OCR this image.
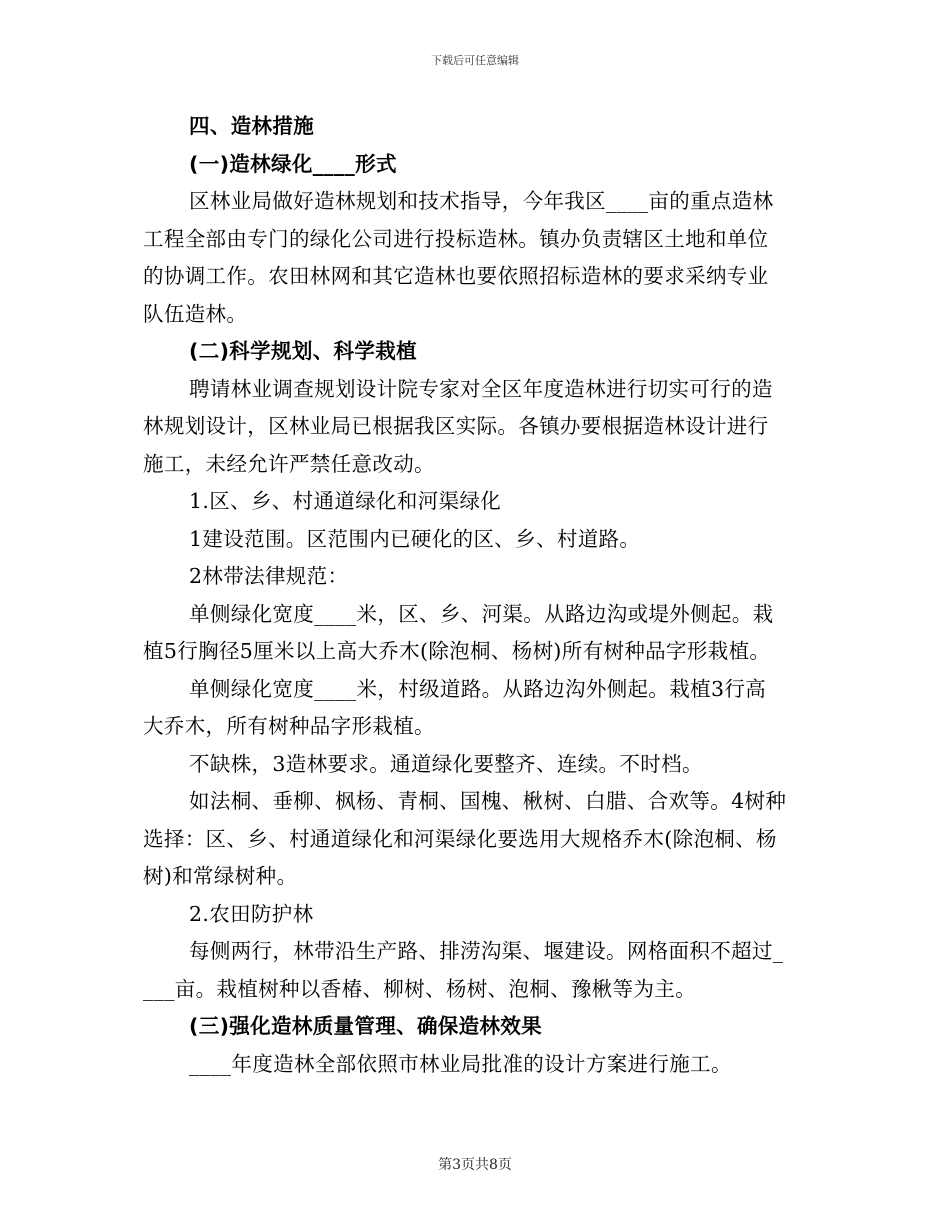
下载后可任意编辑
四、造林措施
(一)造林绿化____形式
区林业局做好造林规划和技术指导，今年我区____亩的重点造林
工程全部由专门的绿化公司进行投标造林。镇办负责辖区土地和单位
的协调工作。农田林网和其它造林也要依照招标造林的要求采纳专业
队伍造林。
(二)科学规划、科学栽植
聘请林业调查规划设计院专家对全区年度造林进行切实可行的造
林规划设计，区林业局已根据我区实际。各镇办要根据造林设计进行
施工，未经允许严禁任意改动。
1.区、乡、村通道绿化和河渠绿化
1建设范围。区范围内已硬化的区、乡、村道路。
2林带法律规范：
单侧绿化宽度____米，区、乡、河渠。从路边沟或堤外侧起。栽
植5行胸径5厘米以上高大乔木(除泡桐、杨树)所有树种品字形栽植。
单侧绿化宽度____米，村级道路。从路边沟外侧起。栽植3行高
大乔木，所有树种品字形栽植。
不缺株，3造林要求。通道绿化要整齐、连续。不时档。
如法桐、垂柳、枫杨、青桐、国槐、楸树、白腊、合欢等。4树种
选择：区、乡、村通道绿化和河渠绿化要选用大规格乔木(除泡桐、杨
树)和常绿树种。
2.农田防护林
每侧两行，林带沿生产路、排涝沟渠、堰建设。网格面积不超过_
___亩。栽植树种以香椿、柳树、杨树、泡桐、豫楸等为主。
(三)强化造林质量管理、确保造林效果
____年度造林全部依照市林业局批准的设计方案进行施工。
第3页共8页
